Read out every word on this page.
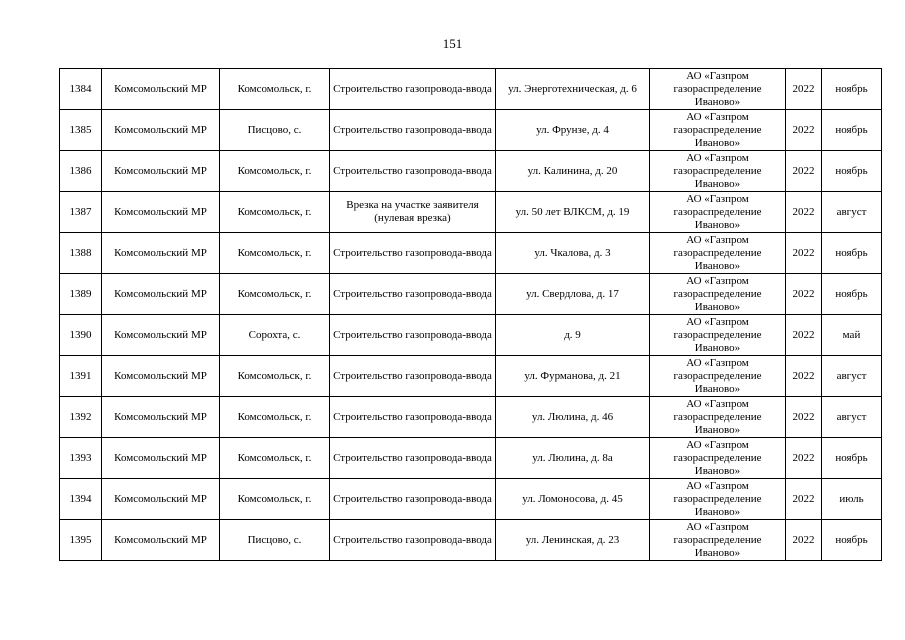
151
1384	Комсомольский МР	Комсомольск, г.	Строительство газопровода-ввода	ул. Энерготехническая, д. 6	АО «Газпром газораспределение Иваново»	2022	ноябрь
1385	Комсомольский МР	Писцово, с.	Строительство газопровода-ввода	ул. Фрунзе, д. 4	АО «Газпром газораспределение Иваново»	2022	ноябрь
1386	Комсомольский МР	Комсомольск, г.	Строительство газопровода-ввода	ул. Калинина, д. 20	АО «Газпром газораспределение Иваново»	2022	ноябрь
1387	Комсомольский МР	Комсомольск, г.	Врезка на участке заявителя (нулевая врезка)	ул. 50 лет ВЛКСМ, д. 19	АО «Газпром газораспределение Иваново»	2022	август
1388	Комсомольский МР	Комсомольск, г.	Строительство газопровода-ввода	ул. Чкалова, д. 3	АО «Газпром газораспределение Иваново»	2022	ноябрь
1389	Комсомольский МР	Комсомольск, г.	Строительство газопровода-ввода	ул. Свердлова, д. 17	АО «Газпром газораспределение Иваново»	2022	ноябрь
1390	Комсомольский МР	Сорохта, с.	Строительство газопровода-ввода	д. 9	АО «Газпром газораспределение Иваново»	2022	май
1391	Комсомольский МР	Комсомольск, г.	Строительство газопровода-ввода	ул. Фурманова, д. 21	АО «Газпром газораспределение Иваново»	2022	август
1392	Комсомольский МР	Комсомольск, г.	Строительство газопровода-ввода	ул. Люлина, д. 46	АО «Газпром газораспределение Иваново»	2022	август
1393	Комсомольский МР	Комсомольск, г.	Строительство газопровода-ввода	ул. Люлина, д. 8а	АО «Газпром газораспределение Иваново»	2022	ноябрь
1394	Комсомольский МР	Комсомольск, г.	Строительство газопровода-ввода	ул. Ломоносова, д. 45	АО «Газпром газораспределение Иваново»	2022	июль
1395	Комсомольский МР	Писцово, с.	Строительство газопровода-ввода	ул. Ленинская, д. 23	АО «Газпром газораспределение Иваново»	2022	ноябрь
